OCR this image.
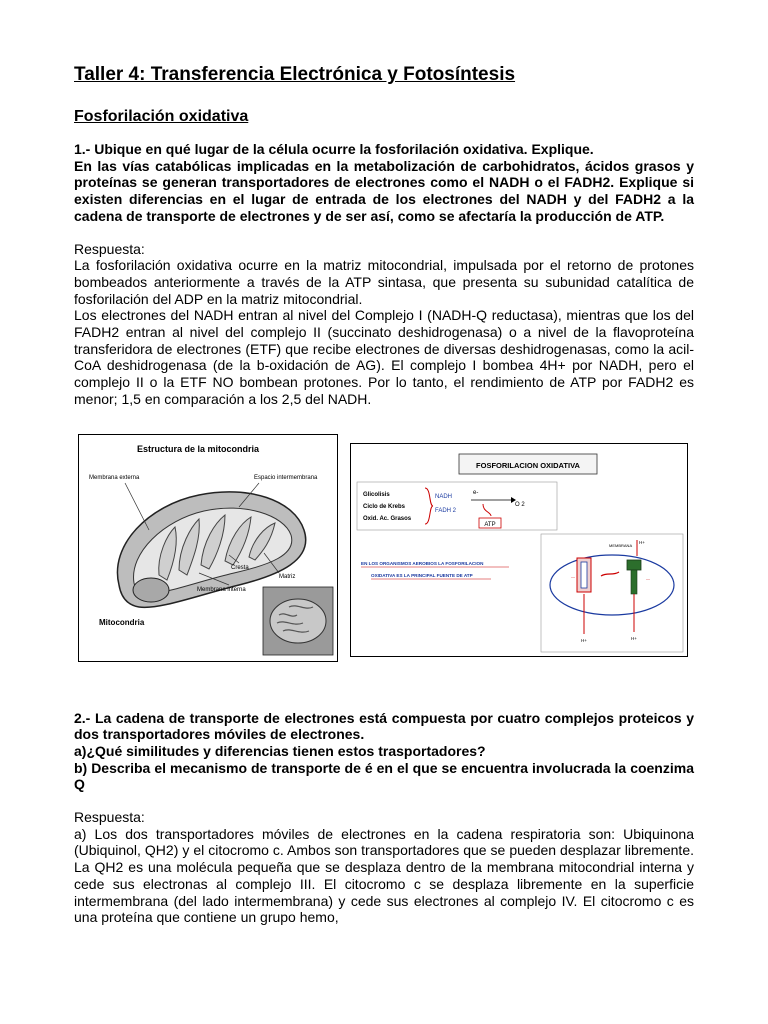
Taller 4: Transferencia Electrónica y Fotosíntesis
Fosforilación oxidativa

1.- Ubique en qué lugar de la célula ocurre la fosforilación oxidativa. Explique.

En las vías catabólicas implicadas en la metabolización de carbohidratos, ácidos grasos y proteínas se generan transportadores de electrones como el NADH o el FADH2. Explique si existen diferencias en el lugar de entrada de los electrones del NADH y del FADH2 a la cadena de transporte de electrones y de ser así, como se afectaría la producción de ATP.

Respuesta:

La fosforilación oxidativa ocurre en la matriz mitocondrial, impulsada por el retorno de protones bombeados anteriormente a través de la ATP sintasa, que presenta su subunidad catalítica de fosforilación del ADP en la matriz mitocondrial.

Los electrones del NADH entran al nivel del Complejo I (NADH-Q reductasa), mientras que los del FADH2 entran al nivel del complejo II (succinato deshidrogenasa) o a nivel de la flavoproteína transferidora de electrones (ETF) que recibe electrones de diversas deshidrogenasas, como la acil-CoA deshidrogenasa (de la b-oxidación de AG). El complejo I bombea 4H+ por NADH, pero el complejo II o la ETF NO bombean protones. Por lo tanto, el rendimiento de ATP por FADH2 es menor; 1,5 en comparación a los 2,5 del NADH.

Estructura de la mitocondria
Membrana externa	Espacio intermembrana
Cresta
Matriz
Membrana interna
Mitocondria
FOSFORILACION OXIDATIVA
Glicolisis
Ciclo de Krebs
Oxid. Ac. Grasos
NADH
FADH 2
e-
O 2
ATP
EN LOS ORGANISMOS AEROBIOS LA FOSFORILACION
OXIDATIVA ES LA PRINCIPAL FUENTE DE ATP
MEMBRANA
H+	H+
H+
—	—

2.- La cadena de transporte de electrones está compuesta por cuatro complejos proteicos y dos transportadores móviles de electrones.

a)¿Qué similitudes y diferencias tienen estos trasportadores?

b) Describa el mecanismo de transporte de é en el que se encuentra involucrada la coenzima Q

Respuesta:

a) Los dos transportadores móviles de electrones en la cadena respiratoria son: Ubiquinona (Ubiquinol, QH2) y el citocromo c. Ambos son transportadores que se pueden desplazar libremente. La QH2 es una molécula pequeña que se desplaza dentro de la membrana mitocondrial interna y cede sus electronas al complejo III. El citocromo c se desplaza libremente en la superficie intermembrana (del lado intermembrana) y cede sus electrones al complejo IV. El citocromo c es una proteína que contiene un grupo hemo,
